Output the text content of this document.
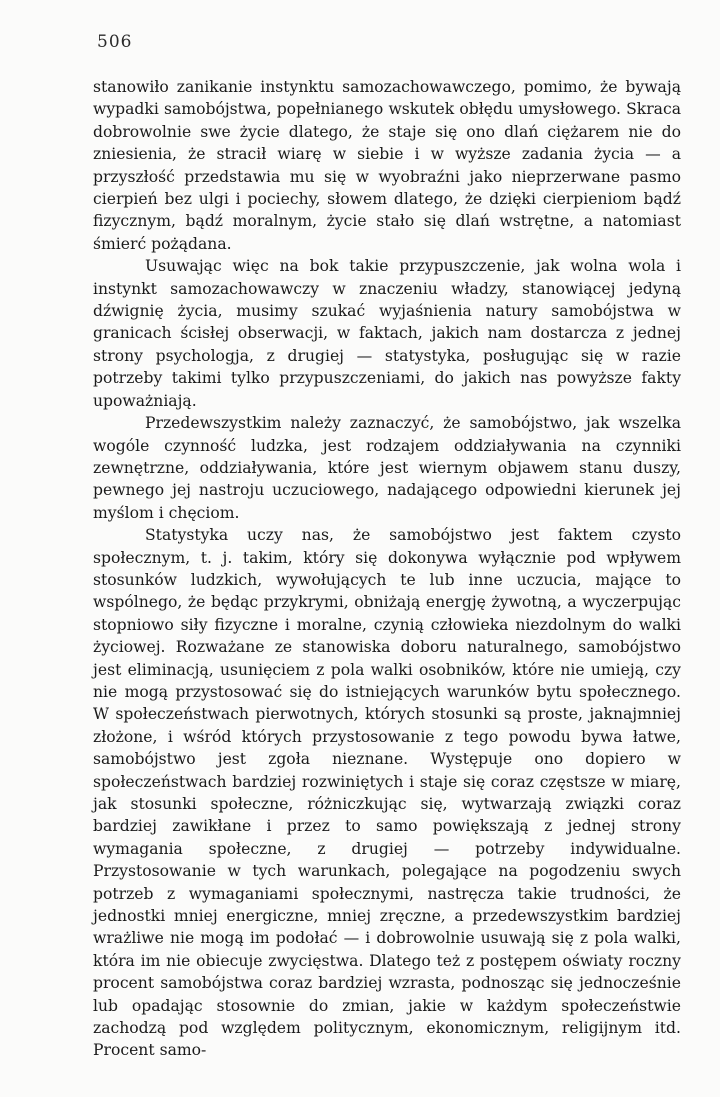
506

stanowiło zanikanie instynktu samozachowawczego, pomimo, że bywają wypadki samobójstwa, popełnianego wskutek obłędu umysłowego. Skraca dobrowolnie swe życie dlatego, że staje się ono dlań ciężarem nie do zniesienia, że stracił wiarę w siebie i w wyższe zadania życia — a przyszłość przedstawia mu się w wyobraźni jako nieprzerwane pasmo cierpień bez ulgi i pociechy, słowem dlatego, że dzięki cierpieniom bądź fizycznym, bądź moralnym, życie stało się dlań wstrętne, a natomiast śmierć pożądana.

Usuwając więc na bok takie przypuszczenie, jak wolna wola i instynkt samozachowawczy w znaczeniu władzy, stanowiącej jedyną dźwignię życia, musimy szukać wyjaśnienia natury samobójstwa w granicach ścisłej obserwacji, w faktach, jakich nam dostarcza z jednej strony psychologja, z drugiej — statystyka, posługując się w razie potrzeby takimi tylko przypuszczeniami, do jakich nas powyższe fakty upoważniają.

Przedewszystkim należy zaznaczyć, że samobójstwo, jak wszelka wogóle czynność ludzka, jest rodzajem oddziaływania na czynniki zewnętrzne, oddziaływania, które jest wiernym objawem stanu duszy, pewnego jej nastroju uczuciowego, nadającego odpowiedni kierunek jej myślom i chęciom.

Statystyka uczy nas, że samobójstwo jest faktem czysto społecznym, t. j. takim, który się dokonywa wyłącznie pod wpływem stosunków ludzkich, wywołujących te lub inne uczucia, mające to wspólnego, że będąc przykrymi, obniżają energję żywotną, a wyczerpując stopniowo siły fizyczne i moralne, czynią człowieka niezdolnym do walki życiowej. Rozważane ze stanowiska doboru naturalnego, samobójstwo jest eliminacją, usunięciem z pola walki osobników, które nie umieją, czy nie mogą przystosować się do istniejących warunków bytu społecznego. W społeczeństwach pierwotnych, których stosunki są proste, jaknajmniej złożone, i wśród których przystosowanie z tego powodu bywa łatwe, samobójstwo jest zgoła nieznane. Występuje ono dopiero w społeczeństwach bardziej rozwiniętych i staje się coraz częstsze w miarę, jak stosunki społeczne, różniczkując się, wytwarzają związki coraz bardziej zawikłane i przez to samo powiększają z jednej strony wymagania społeczne, z drugiej — potrzeby indywidualne. Przystosowanie w tych warunkach, polegające na pogodzeniu swych potrzeb z wymaganiami społecznymi, nastręcza takie trudności, że jednostki mniej energiczne, mniej zręczne, a przedewszystkim bardziej wrażliwe nie mogą im podołać — i dobrowolnie usuwają się z pola walki, która im nie obiecuje zwycięstwa. Dlatego też z postępem oświaty roczny procent samobójstwa coraz bardziej wzrasta, podnosząc się jednocześnie lub opadając stosownie do zmian, jakie w każdym społeczeństwie zachodzą pod względem politycznym, ekonomicznym, religijnym itd. Procent samo-
